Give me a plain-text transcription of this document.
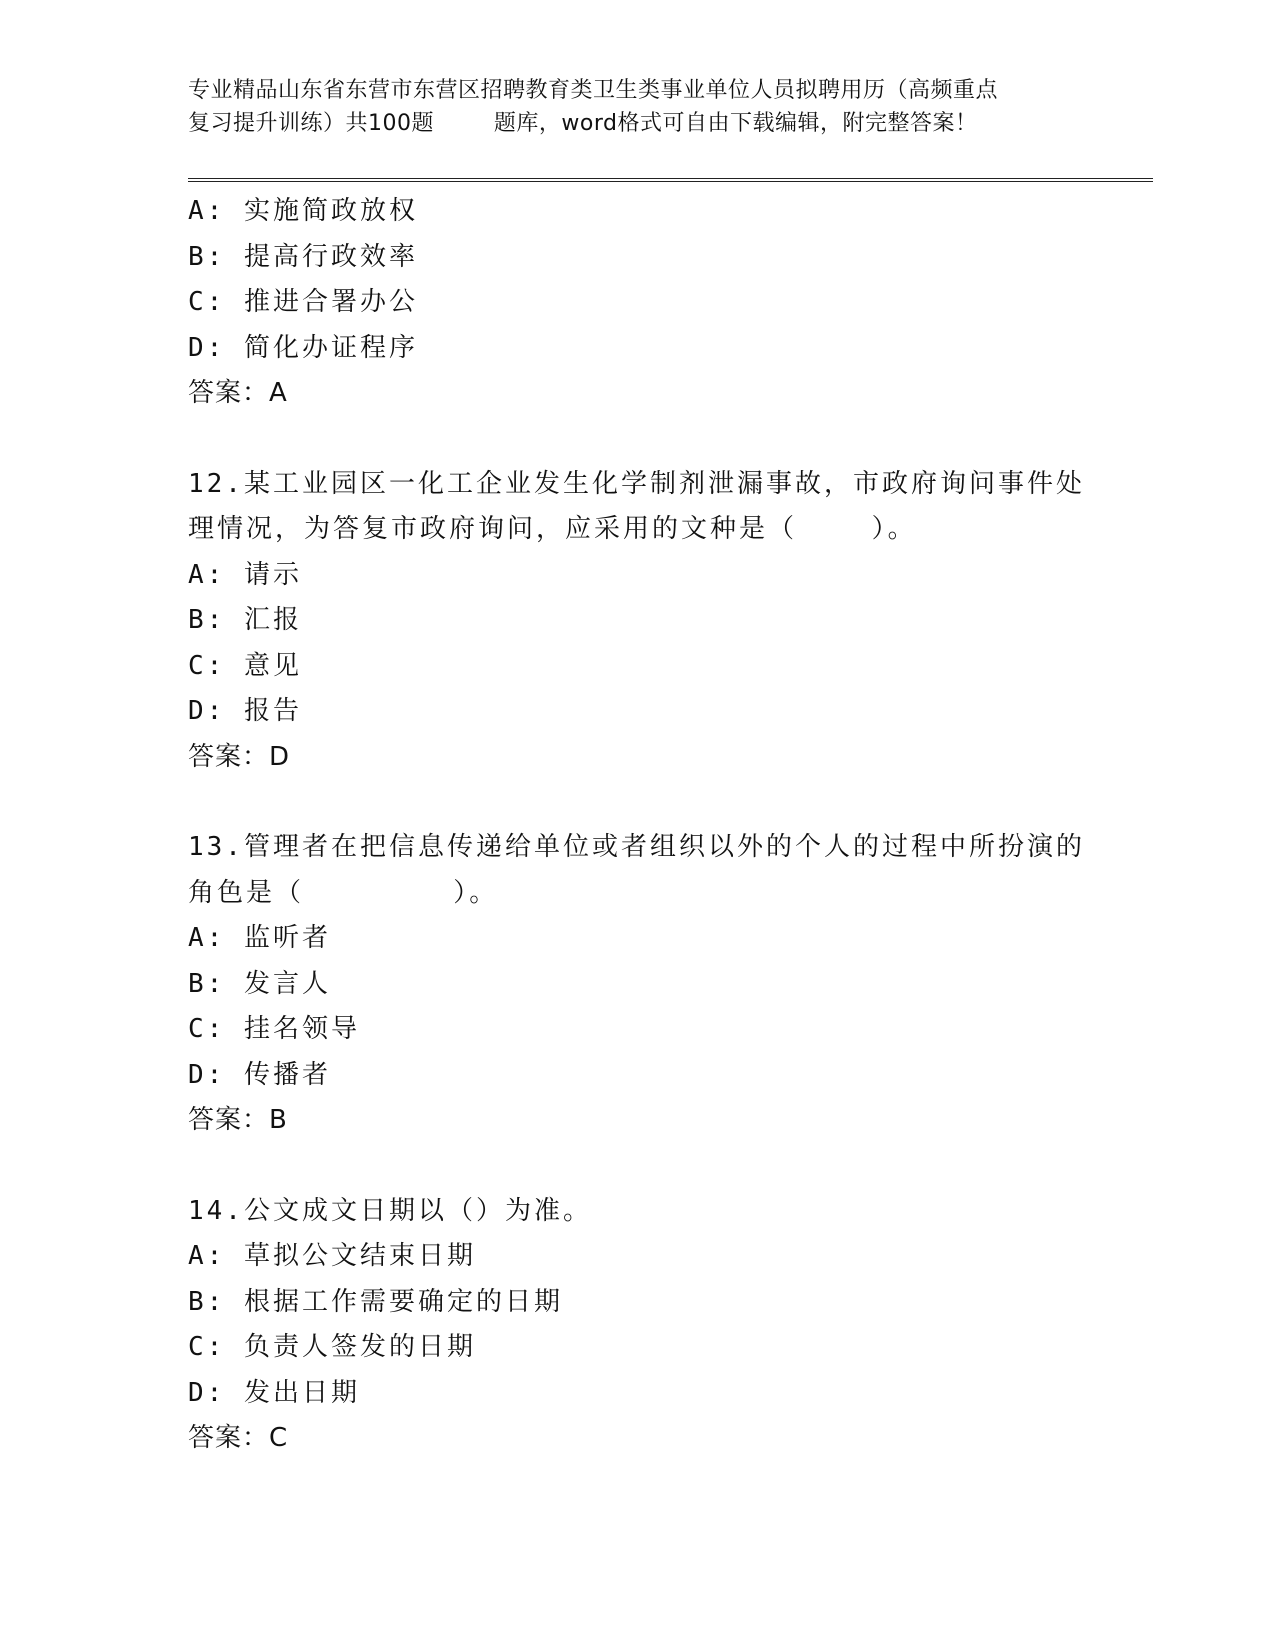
专业精品山东省东营市东营区招聘教育类卫生类事业单位人员拟聘用历（高频重点
复习提升训练）共100题        题库，word格式可自由下载编辑，附完整答案！
A: 实施简政放权
B: 提高行政效率
C: 推进合署办公
D: 简化办证程序
答案：A
12.某工业园区一化工企业发生化学制剂泄漏事故，市政府询问事件处
理情况，为答复市政府询问，应采用的文种是（    ）。
A: 请示
B: 汇报
C: 意见
D: 报告
答案：D
13.管理者在把信息传递给单位或者组织以外的个人的过程中所扮演的
角色是（        ）。
A: 监听者
B: 发言人
C: 挂名领导
D: 传播者
答案：B
14.公文成文日期以（）为准。
A: 草拟公文结束日期
B: 根据工作需要确定的日期
C: 负责人签发的日期
D: 发出日期
答案：C
